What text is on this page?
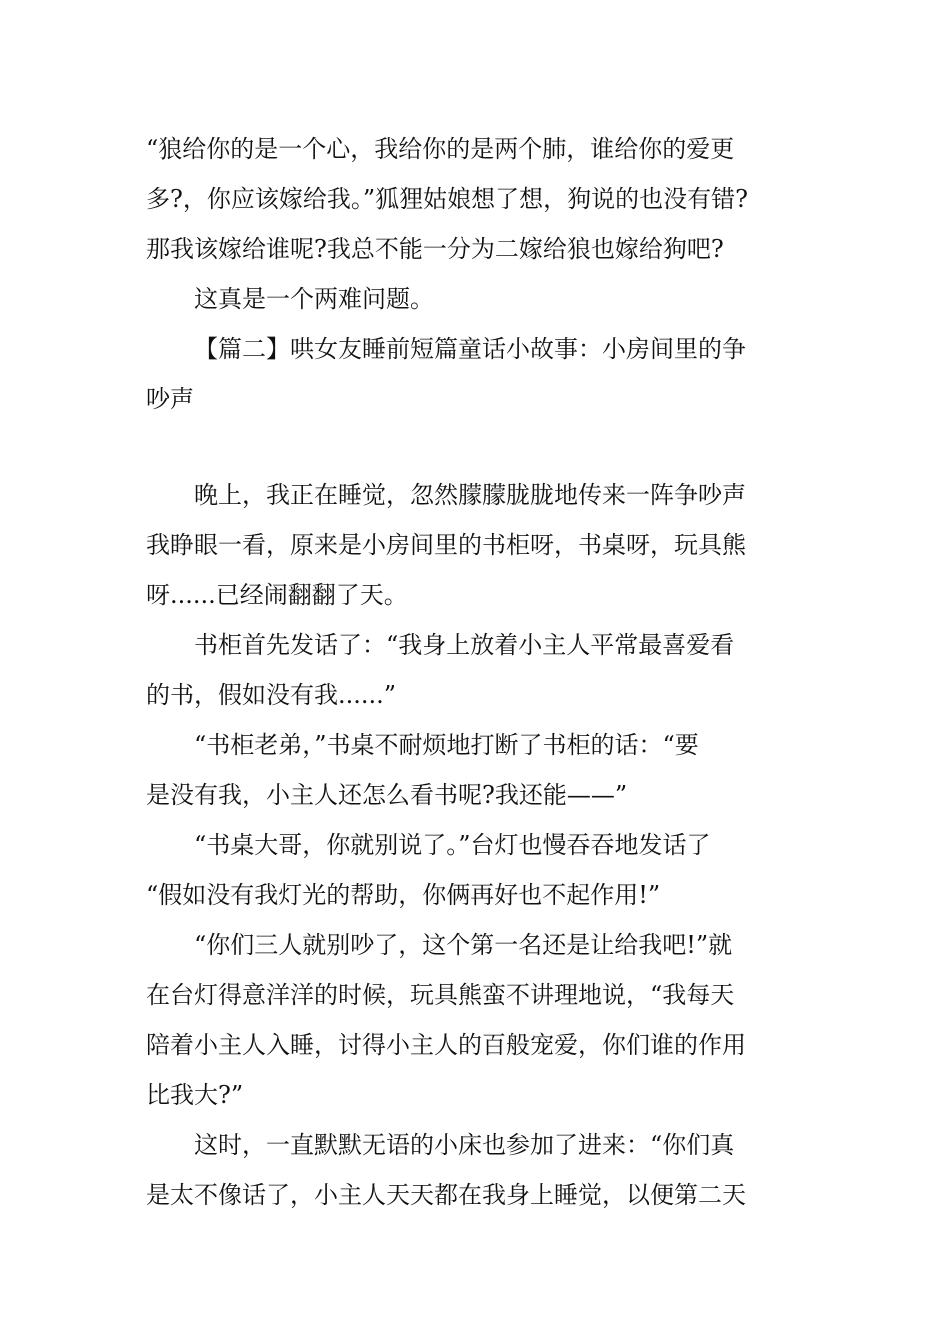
“狼给你的是一个心，我给你的是两个肺，谁给你的爱更
多?，你应该嫁给我。”狐狸姑娘想了想，狗说的也没有错?
那我该嫁给谁呢?我总不能一分为二嫁给狼也嫁给狗吧?
这真是一个两难问题。
【篇二】哄女友睡前短篇童话小故事：小房间里的争
吵声
晚上，我正在睡觉，忽然朦朦胧胧地传来一阵争吵声
我睁眼一看，原来是小房间里的书柜呀，书桌呀，玩具熊
呀......已经闹翻翻了天。
书柜首先发话了：“我身上放着小主人平常最喜爱看
的书，假如没有我......”
“书柜老弟，”书桌不耐烦地打断了书柜的话：“要
是没有我，小主人还怎么看书呢?我还能——”
“书桌大哥，你就别说了。”台灯也慢吞吞地发话了
“假如没有我灯光的帮助，你俩再好也不起作用!”
“你们三人就别吵了，这个第一名还是让给我吧!”就
在台灯得意洋洋的时候，玩具熊蛮不讲理地说，“我每天
陪着小主人入睡，讨得小主人的百般宠爱，你们谁的作用
比我大?”
这时，一直默默无语的小床也参加了进来：“你们真
是太不像话了，小主人天天都在我身上睡觉，以便第二天
